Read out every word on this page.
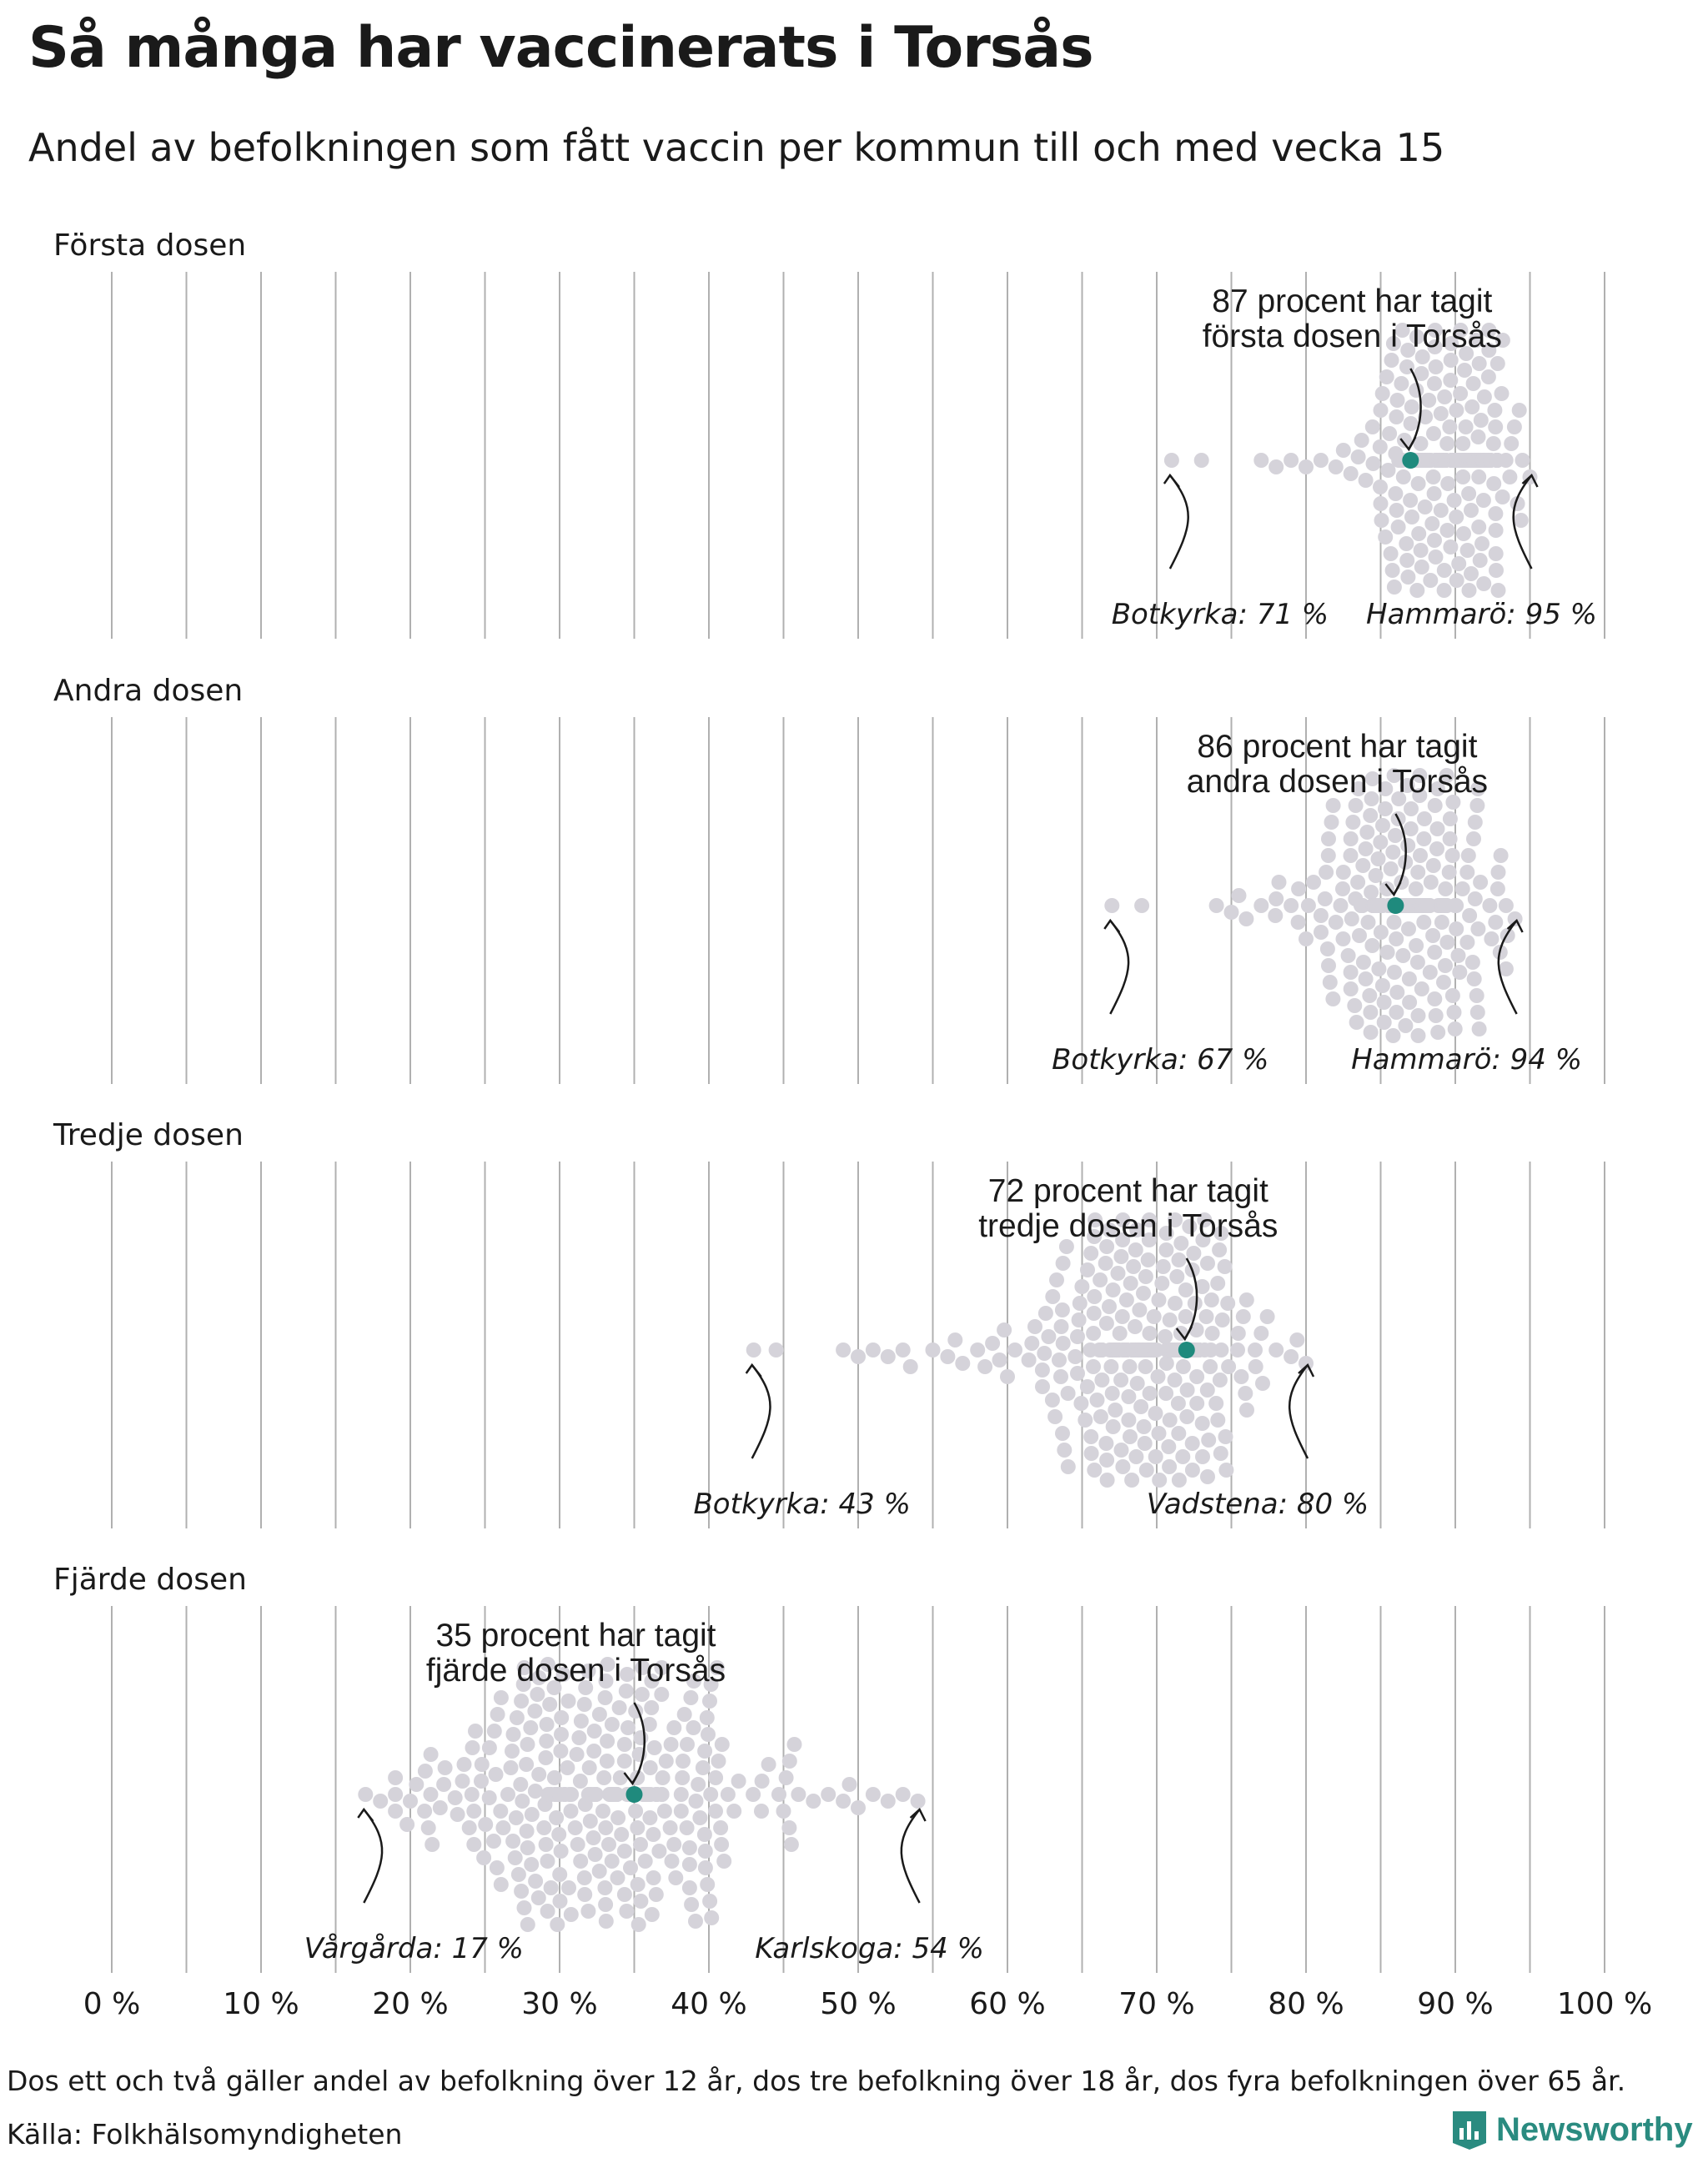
Så många har vaccinerats i Torsås
Andel av befolkningen som fått vaccin per kommun till och med vecka 15
Första dosen
87 procent har tagit
första dosen i Torsås
Botkyrka: 71 % Hammarö: 95 %
Andra dosen
86 procent har tagit
andra dosen i Torsås
Botkyrka: 67 %	Hammarö: 94 %
Tredje dosen
72 procent har tagit
tredje dosen i Torsås
Botkyrka: 43 %	Vadstena: 80 %
Fjärde dosen
35 procent har tagit
fjärde dosen i Torsås
Vårgårda: 17 %	Karlskoga: 54 %
0 %	10 % 20 % 30 % 40 % 50 % 60 % 70 % 80 % 90 % 100 %
Dos ett och två gäller andel av befolkning över 12 år, dos tre befolkning över 18 år, dos fyra befolkningen över 65 år.
Källa: Folkhälsomyndigheten	Newsworthy
